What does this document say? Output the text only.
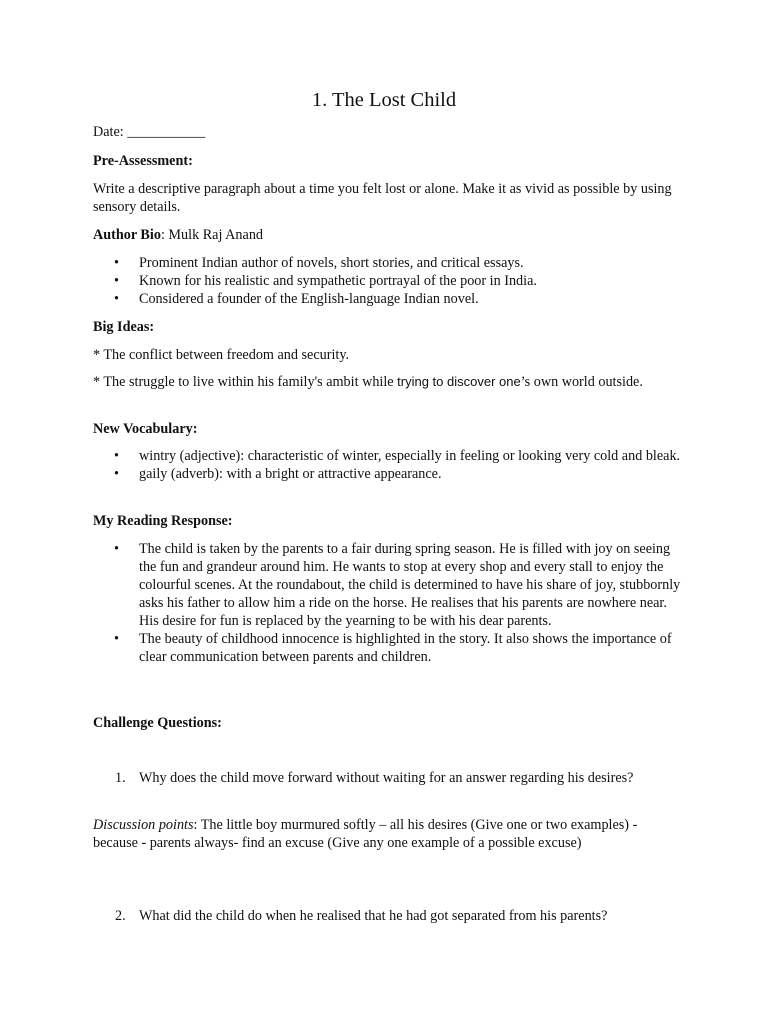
1. The Lost Child
Date: ___________
Pre-Assessment:
Write a descriptive paragraph about a time you felt lost or alone. Make it as vivid as possible by using sensory details.
Author Bio: Mulk Raj Anand
• Prominent Indian author of novels, short stories, and critical essays.
• Known for his realistic and sympathetic portrayal of the poor in India.
• Considered a founder of the English-language Indian novel.
Big Ideas:
* The conflict between freedom and security.
* The struggle to live within his family's ambit while trying to discover one’s own world outside.
New Vocabulary:
• wintry (adjective): characteristic of winter, especially in feeling or looking very cold and bleak.
• gaily (adverb): with a bright or attractive appearance.
My Reading Response:
• The child is taken by the parents to a fair during spring season. He is filled with joy on seeing the fun and grandeur around him. He wants to stop at every shop and every stall to enjoy the colourful scenes. At the roundabout, the child is determined to have his share of joy, stubbornly asks his father to allow him a ride on the horse. He realises that his parents are nowhere near. His desire for fun is replaced by the yearning to be with his dear parents.
• The beauty of childhood innocence is highlighted in the story. It also shows the importance of clear communication between parents and children.
Challenge Questions:
1. Why does the child move forward without waiting for an answer regarding his desires?
Discussion points: The little boy murmured softly – all his desires (Give one or two examples) - because - parents always- find an excuse (Give any one example of a possible excuse)
2. What did the child do when he realised that he had got separated from his parents?
